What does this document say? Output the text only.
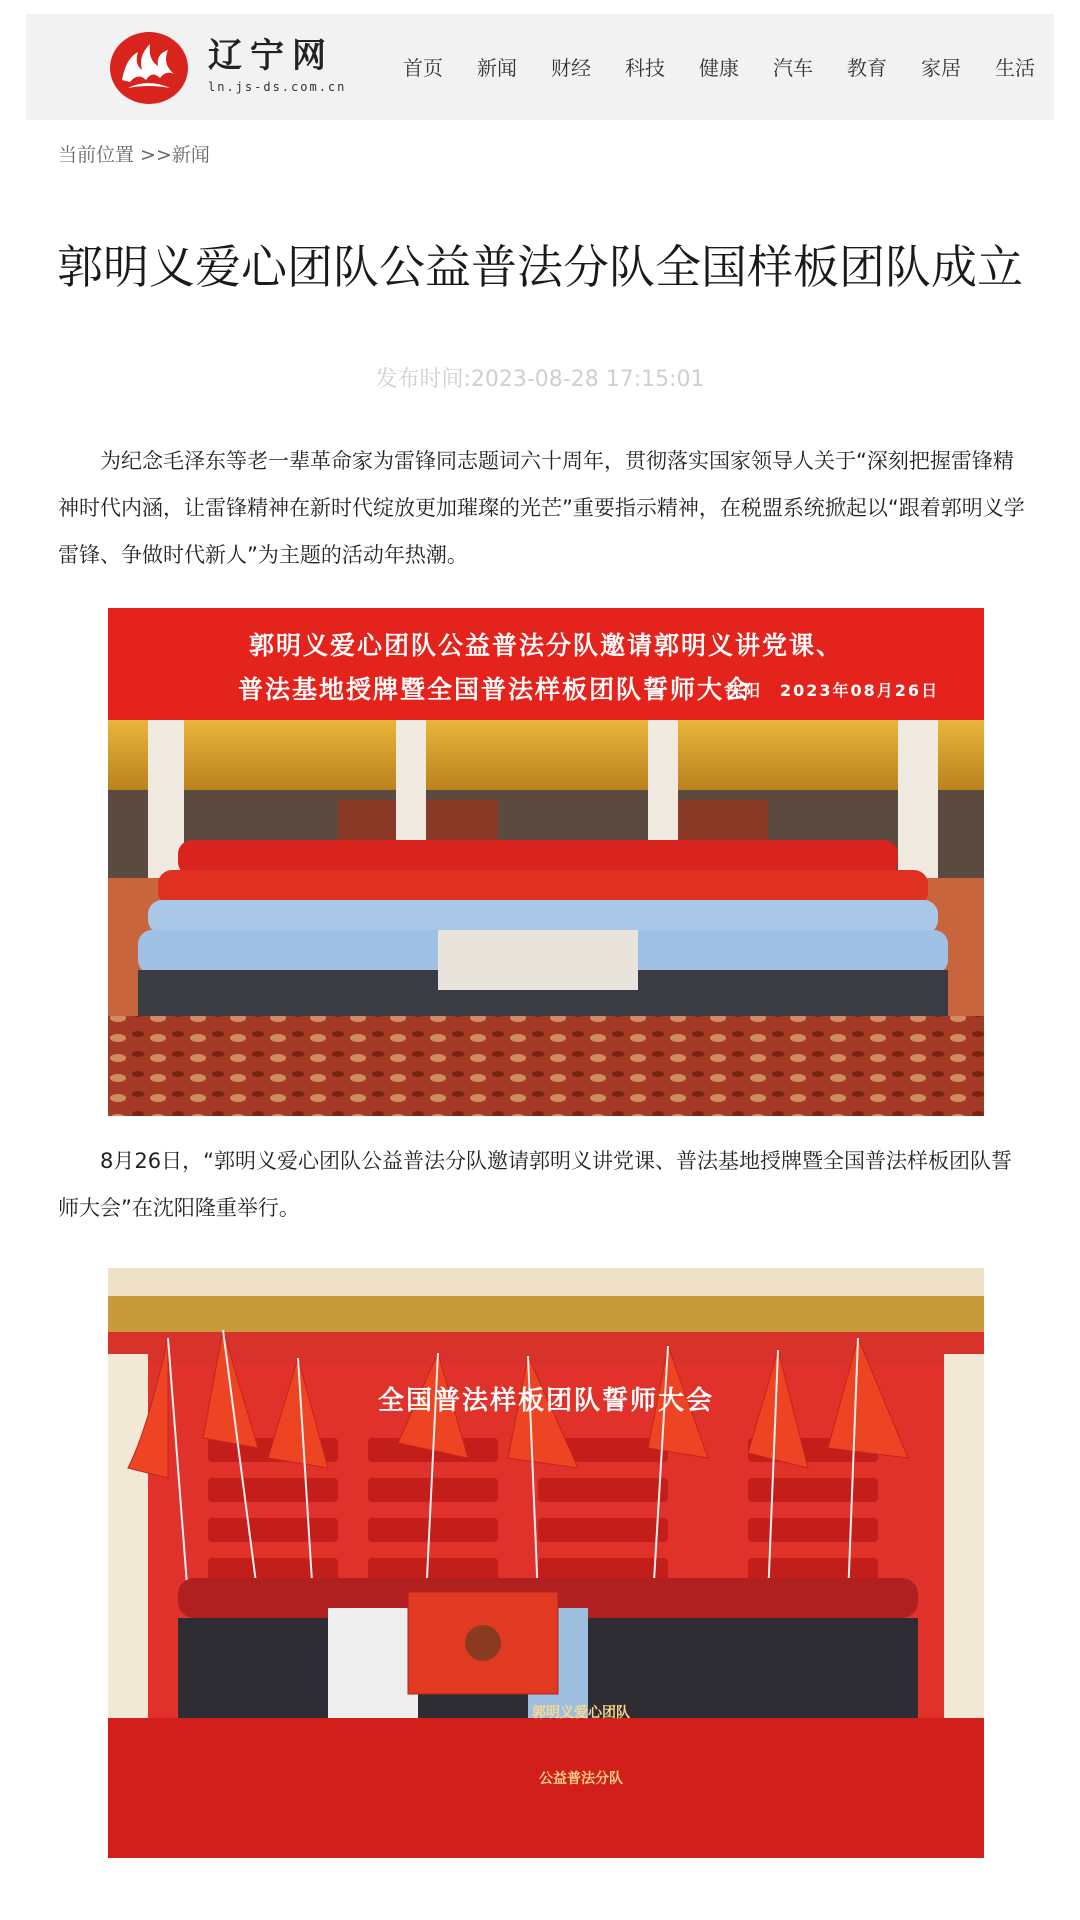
辽宁网
ln.js-ds.com.cn
首页	新闻	财经	科技	健康	汽车	教育	家居	生活
当前位置 >>新闻
郭明义爱心团队公益普法分队全国样板团队成立
发布时间:2023-08-28 17:15:01

为纪念毛泽东等老一辈革命家为雷锋同志题词六十周年，贯彻落实国家领导人关于“深刻把握雷锋精神时代内涵，让雷锋精神在新时代绽放更加璀璨的光芒”重要指示精神，在税盟系统掀起以“跟着郭明义学雷锋、争做时代新人”为主题的活动年热潮。

郭明义爱心团队公益普法分队邀请郭明义讲党课、
普法基地授牌暨全国普法样板团队誓师大会
沈阳　2023年08月26日

8月26日，“郭明义爱心团队公益普法分队邀请郭明义讲党课、普法基地授牌暨全国普法样板团队誓师大会”在沈阳隆重举行。

全国普法样板团队誓师大会
郭明义爱心团队
公益普法分队
